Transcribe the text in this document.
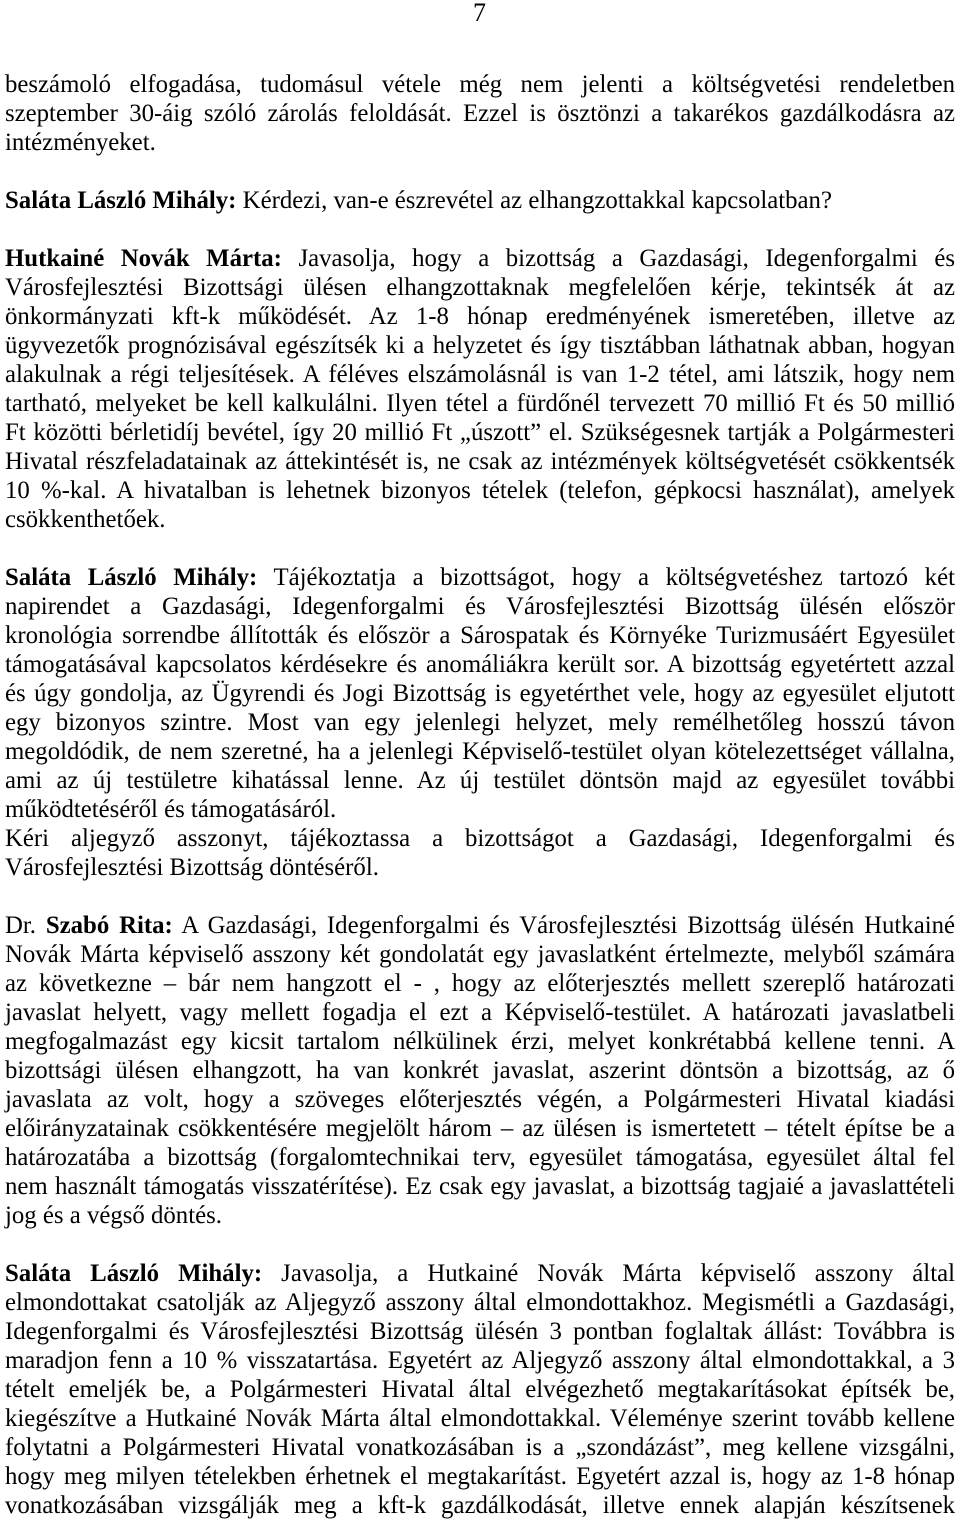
7
beszámoló elfogadása, tudomásul vétele még nem jelenti a költségvetési rendeletben
szeptember 30-áig szóló zárolás feloldását. Ezzel is ösztönzi a takarékos gazdálkodásra az
intézményeket.
Saláta László Mihály: Kérdezi, van-e észrevétel az elhangzottakkal kapcsolatban?
Hutkainé Novák Márta: Javasolja, hogy a bizottság a Gazdasági, Idegenforgalmi és
Városfejlesztési Bizottsági ülésen elhangzottaknak megfelelően kérje, tekintsék át az
önkormányzati kft-k működését. Az 1-8 hónap eredményének ismeretében, illetve az
ügyvezetők prognózisával egészítsék ki a helyzetet és így tisztábban láthatnak abban, hogyan
alakulnak a régi teljesítések. A féléves elszámolásnál is van 1-2 tétel, ami látszik, hogy nem
tartható, melyeket be kell kalkulálni. Ilyen tétel a fürdőnél tervezett 70 millió Ft és 50 millió
Ft közötti bérletidíj bevétel, így 20 millió Ft „úszott” el. Szükségesnek tartják a Polgármesteri
Hivatal részfeladatainak az áttekintését is, ne csak az intézmények költségvetését csökkentsék
10 %-kal. A hivatalban is lehetnek bizonyos tételek (telefon, gépkocsi használat), amelyek
csökkenthetőek.
Saláta László Mihály: Tájékoztatja a bizottságot, hogy a költségvetéshez tartozó két
napirendet a Gazdasági, Idegenforgalmi és Városfejlesztési Bizottság ülésén először
kronológia sorrendbe állították és először a Sárospatak és Környéke Turizmusáért Egyesület
támogatásával kapcsolatos kérdésekre és anomáliákra került sor. A bizottság egyetértett azzal
és úgy gondolja, az Ügyrendi és Jogi Bizottság is egyetérthet vele, hogy az egyesület eljutott
egy bizonyos szintre. Most van egy jelenlegi helyzet, mely remélhetőleg hosszú távon
megoldódik, de nem szeretné, ha a jelenlegi Képviselő-testület olyan kötelezettséget vállalna,
ami az új testületre kihatással lenne. Az új testület döntsön majd az egyesület további
működtetéséről és támogatásáról.
Kéri aljegyző asszonyt, tájékoztassa a bizottságot a Gazdasági, Idegenforgalmi és
Városfejlesztési Bizottság döntéséről.
Dr. Szabó Rita: A Gazdasági, Idegenforgalmi és Városfejlesztési Bizottság ülésén Hutkainé
Novák Márta képviselő asszony két gondolatát egy javaslatként értelmezte, melyből számára
az következne – bár nem hangzott el - , hogy az előterjesztés mellett szereplő határozati
javaslat helyett, vagy mellett fogadja el ezt a Képviselő-testület. A határozati javaslatbeli
megfogalmazást egy kicsit tartalom nélkülinek érzi, melyet konkrétabbá kellene tenni. A
bizottsági ülésen elhangzott, ha van konkrét javaslat, aszerint döntsön a bizottság, az ő
javaslata az volt, hogy a szöveges előterjesztés végén, a Polgármesteri Hivatal kiadási
előirányzatainak csökkentésére megjelölt három – az ülésen is ismertetett – tételt építse be a
határozatába a bizottság (forgalomtechnikai terv, egyesület támogatása, egyesület által fel
nem használt támogatás visszatérítése). Ez csak egy javaslat, a bizottság tagjaié a javaslattételi
jog és a végső döntés.
Saláta László Mihály: Javasolja, a Hutkainé Novák Márta képviselő asszony által
elmondottakat csatolják az Aljegyző asszony által elmondottakhoz. Megismétli a Gazdasági,
Idegenforgalmi és Városfejlesztési Bizottság ülésén 3 pontban foglaltak állást: Továbbra is
maradjon fenn a 10 % visszatartása. Egyetért az Aljegyző asszony által elmondottakkal, a 3
tételt emeljék be, a Polgármesteri Hivatal által elvégezhető megtakarításokat építsék be,
kiegészítve a Hutkainé Novák Márta által elmondottakkal. Véleménye szerint tovább kellene
folytatni a Polgármesteri Hivatal vonatkozásában is a „szondázást”, meg kellene vizsgálni,
hogy meg milyen tételekben érhetnek el megtakarítást. Egyetért azzal is, hogy az 1-8 hónap
vonatkozásában vizsgálják meg a kft-k gazdálkodását, illetve ennek alapján készítsenek
